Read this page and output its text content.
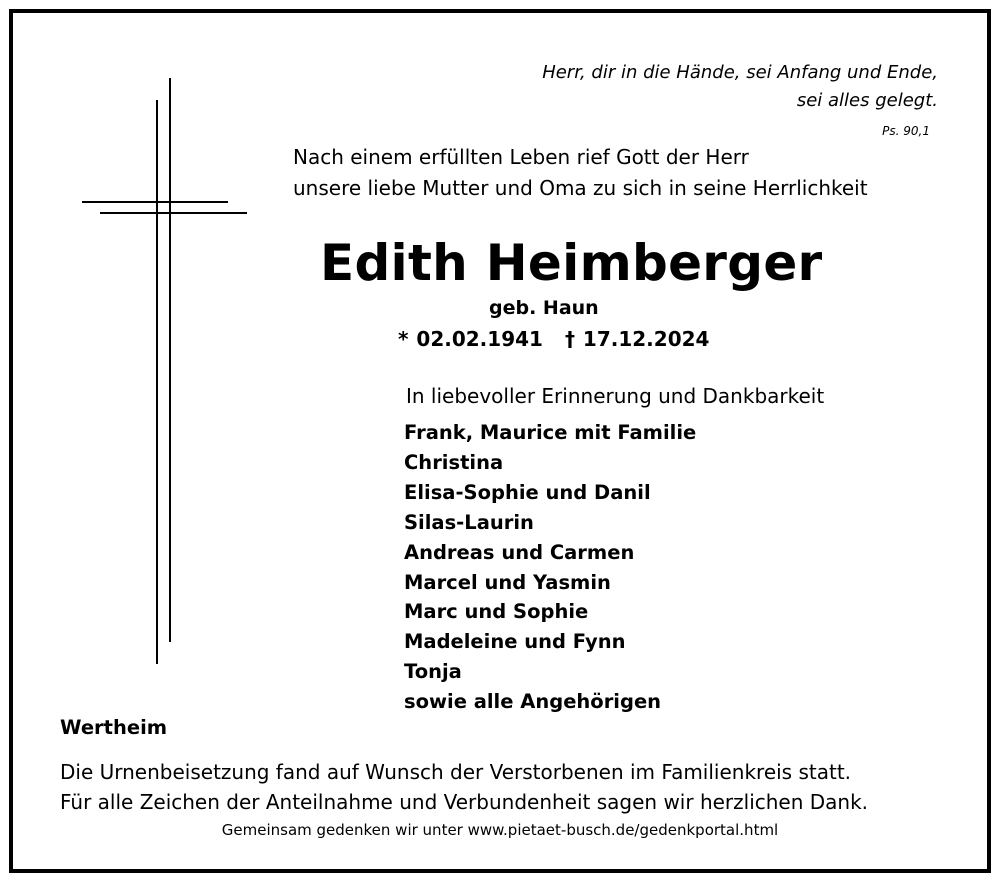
Herr, dir in die Hände, sei Anfang und Ende,
sei alles gelegt.
Ps. 90,1
Nach einem erfüllten Leben rief Gott der Herr
unsere liebe Mutter und Oma zu sich in seine Herrlichkeit
Edith Heimberger
geb. Haun
* 02.02.1941 † 17.12.2024
In liebevoller Erinnerung und Dankbarkeit
Frank, Maurice mit Familie
Christina
Elisa-Sophie und Danil
Silas-Laurin
Andreas und Carmen
Marcel und Yasmin
Marc und Sophie
Madeleine und Fynn
Tonja
sowie alle Angehörigen
Wertheim
Die Urnenbeisetzung fand auf Wunsch der Verstorbenen im Familienkreis statt.
Für alle Zeichen der Anteilnahme und Verbundenheit sagen wir herzlichen Dank.
Gemeinsam gedenken wir unter www.pietaet-busch.de/gedenkportal.html
